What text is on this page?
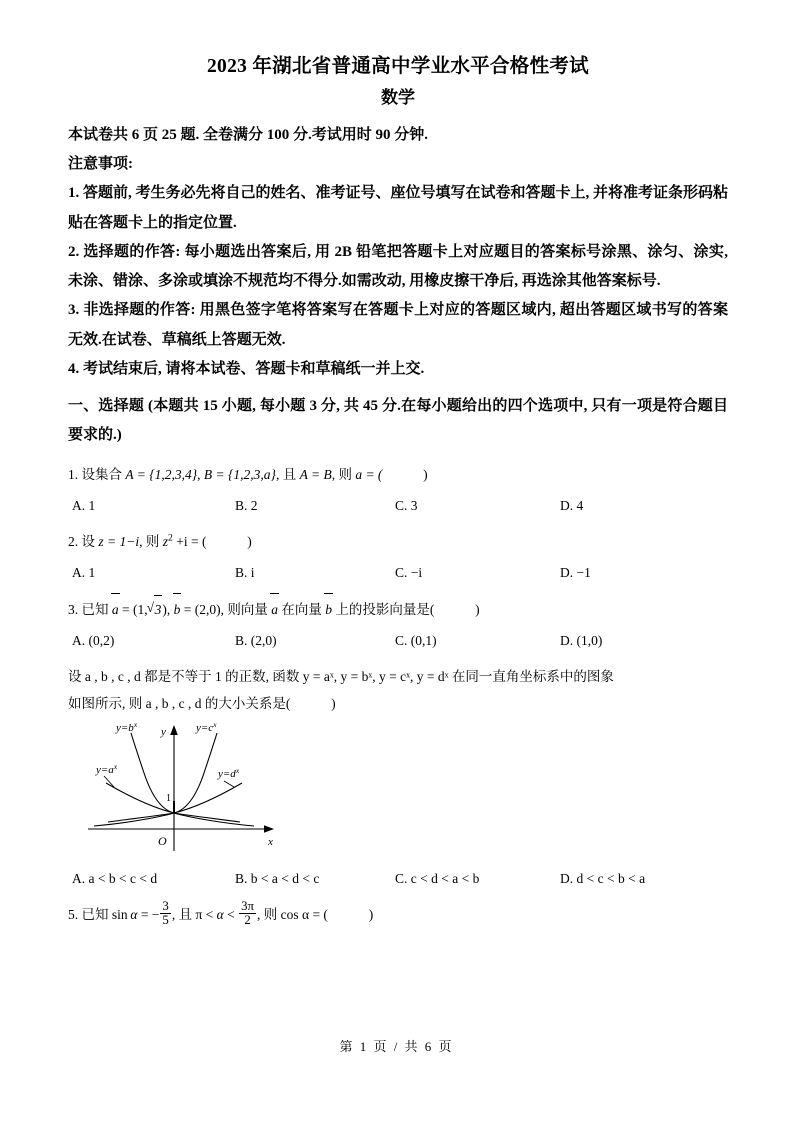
2023 年湖北省普通高中学业水平合格性考试
数学

本试卷共 6 页 25 题. 全卷满分 100 分.考试用时 90 分钟.

注意事项:

1. 答题前, 考生务必先将自己的姓名、准考证号、座位号填写在试卷和答题卡上, 并将准考证条形码粘贴在答题卡上的指定位置.

2. 选择题的作答: 每小题选出答案后, 用 2B 铅笔把答题卡上对应题目的答案标号涂黑、涂匀、涂实, 未涂、错涂、多涂或填涂不规范均不得分.如需改动, 用橡皮擦干净后, 再选涂其他答案标号.

3. 非选择题的作答: 用黑色签字笔将答案写在答题卡上对应的答题区域内, 超出答题区域书写的答案无效.在试卷、草稿纸上答题无效.

4. 考试结束后, 请将本试卷、答题卡和草稿纸一并上交.

一、选择题 (本题共 15 小题, 每小题 3 分, 共 45 分.在每小题给出的四个选项中, 只有一项是符合题目要求的.)

1. 设集合 A = {1,2,3,4}, B = {1,2,3,a}, 且 A = B, 则 a = (	)
A. 1	B. 2	C. 3	D. 4
2. 设 z = 1−i, 则 $z^2 +i$ = (	)
A. 1	B. i	C. −i	D. −1
3. 已知 a = (1, √ 3), b = (2,0), 则向量 a 在向量 b 上的投影向量是(	)
A. (0,2)	B. (2,0)	C. (0,1)	D. (1,0)
设 a , b , c , d 都是不等于 1 的正数, 函数 y = aˣ, y = bˣ, y = cˣ, y = dˣ 在同一直角坐标系中的图象
如图所示, 则 a , b , c , d 的大小关系是(	)
$y=a^x$
$y=b^x$	$y=c^x$
$y=d^x$
y
x
O
1
A. a < b < c < d	B. b < a < d < c	C. c < d < a < b	D. d < c < b < a
5. 已知 sin α = − $\frac{3}{5}$ , 且 $\pi < \alpha < \frac{3\pi}{2}$ , 则 cos α = (	)
第 1 页 / 共 6 页
